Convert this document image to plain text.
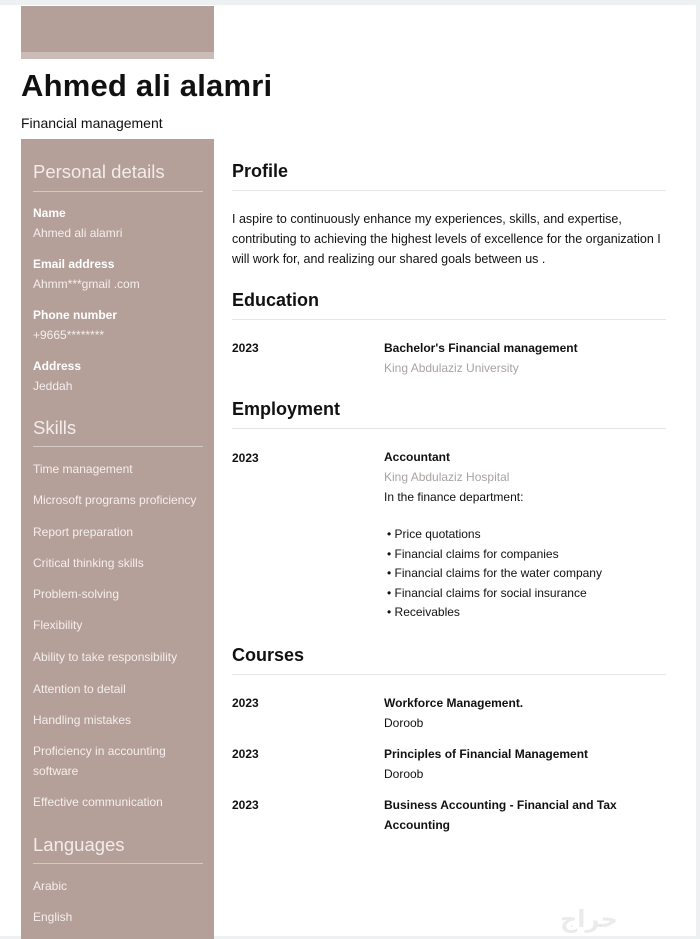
Ahmed ali alamri
Financial management
Personal details
Name
Ahmed ali alamri
Email address
Ahmm***gmail .com
Phone number
+9665********
Address
Jeddah
Skills
Time management
Microsoft programs proficiency
Report preparation
Critical thinking skills
Problem-solving
Flexibility
Ability to take responsibility
Attention to detail
Handling mistakes
Proficiency in accounting software
Effective communication
Languages
Arabic
English
Profile
I aspire to continuously enhance my experiences, skills, and expertise, contributing to achieving the highest levels of excellence for the organization I will work for, and realizing our shared goals between us .
Education
2023	Bachelor's Financial management
King Abdulaziz University
Employment
2023	Accountant
King Abdulaziz Hospital
In the finance department:
• Price quotations
• Financial claims for companies
• Financial claims for the water company
• Financial claims for social insurance
• Receivables
Courses
2023	Workforce Management.
Doroob
2023	Principles of Financial Management
Doroob
2023	Business Accounting - Financial and Tax Accounting
حراج
